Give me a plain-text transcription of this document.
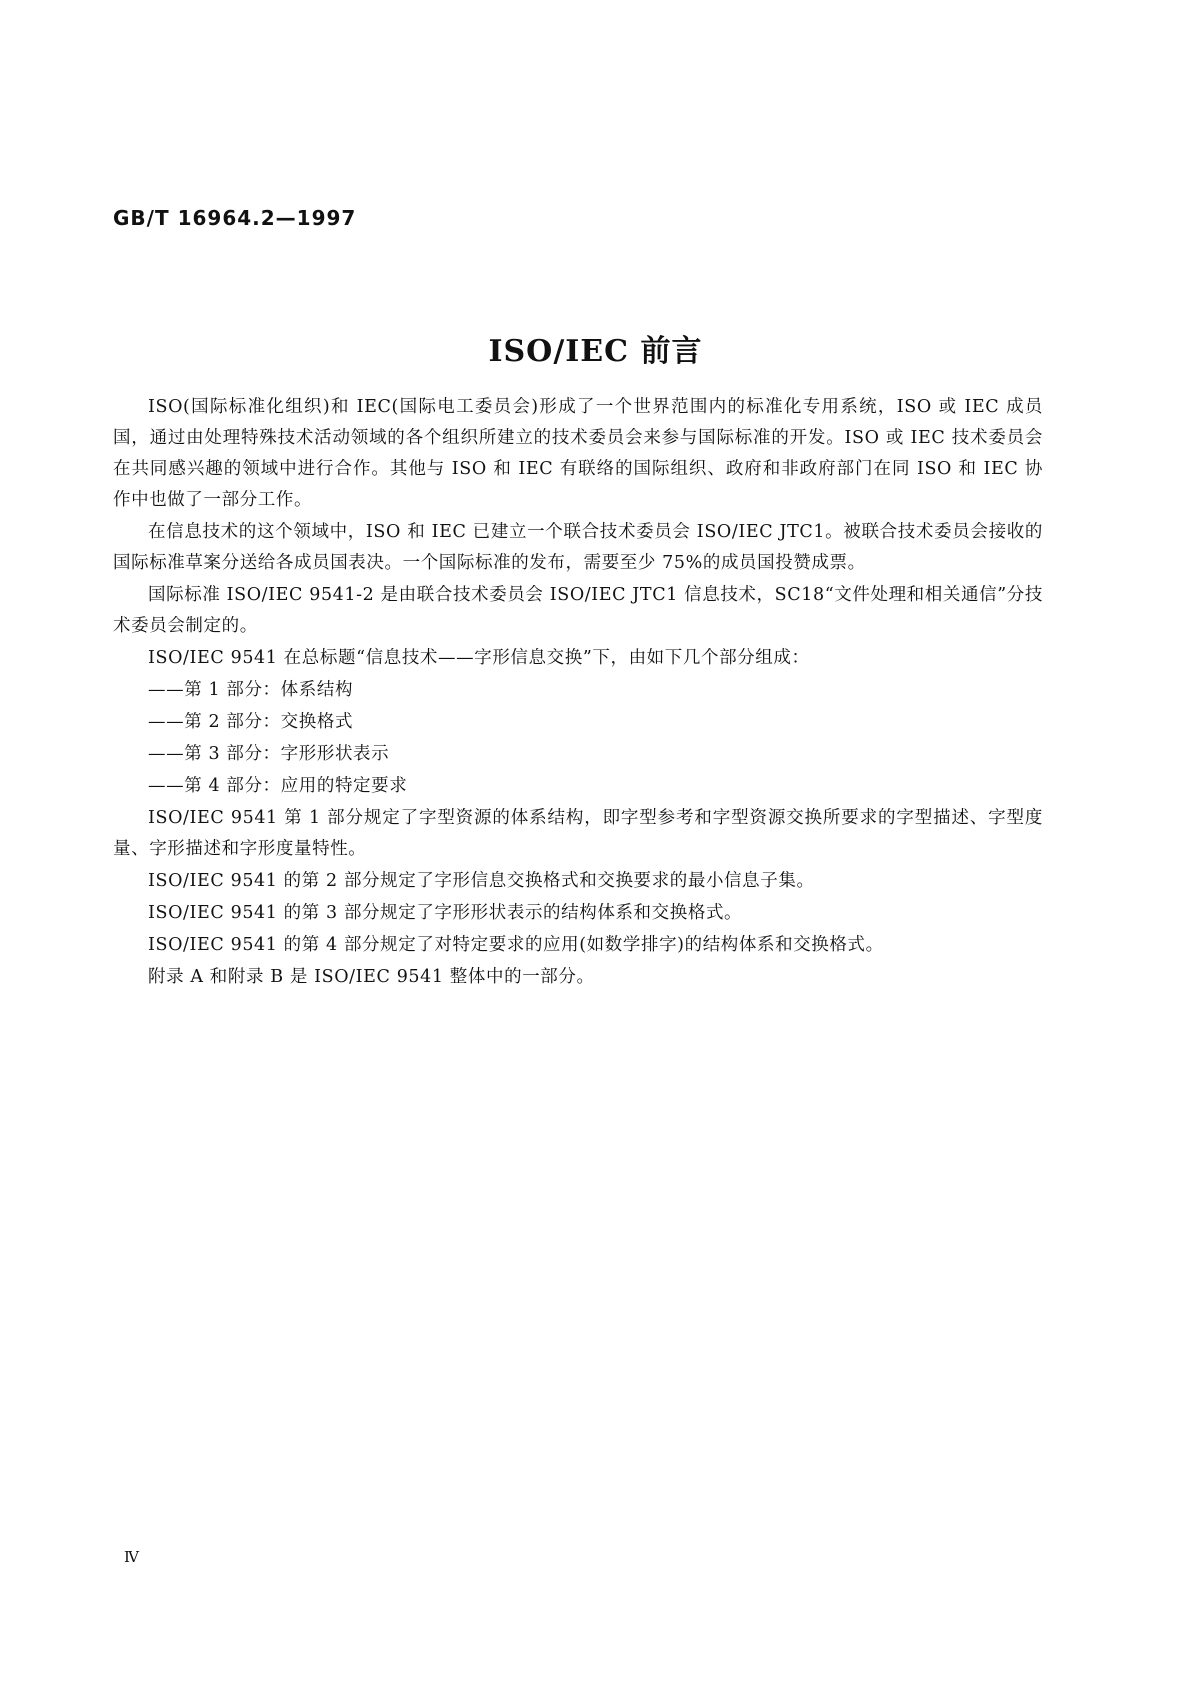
GB/T 16964.2—1997
ISO/IEC 前言

ISO(国际标准化组织)和 IEC(国际电工委员会)形成了一个世界范围内的标准化专用系统，ISO 或 IEC 成员国，通过由处理特殊技术活动领域的各个组织所建立的技术委员会来参与国际标准的开发。ISO 或 IEC 技术委员会在共同感兴趣的领域中进行合作。其他与 ISO 和 IEC 有联络的国际组织、政府和非政府部门在同 ISO 和 IEC 协作中也做了一部分工作。

在信息技术的这个领域中，ISO 和 IEC 已建立一个联合技术委员会 ISO/IEC JTC1。被联合技术委员会接收的国际标准草案分送给各成员国表决。一个国际标准的发布，需要至少 75%的成员国投赞成票。

国际标准 ISO/IEC 9541-2 是由联合技术委员会 ISO/IEC JTC1 信息技术，SC18“文件处理和相关通信”分技术委员会制定的。

ISO/IEC 9541 在总标题“信息技术——字形信息交换”下，由如下几个部分组成：

——第 1 部分：体系结构

——第 2 部分：交换格式

——第 3 部分：字形形状表示

——第 4 部分：应用的特定要求

ISO/IEC 9541 第 1 部分规定了字型资源的体系结构，即字型参考和字型资源交换所要求的字型描述、字型度量、字形描述和字形度量特性。

ISO/IEC 9541 的第 2 部分规定了字形信息交换格式和交换要求的最小信息子集。

ISO/IEC 9541 的第 3 部分规定了字形形状表示的结构体系和交换格式。

ISO/IEC 9541 的第 4 部分规定了对特定要求的应用(如数学排字)的结构体系和交换格式。

附录 A 和附录 B 是 ISO/IEC 9541 整体中的一部分。

Ⅳ
